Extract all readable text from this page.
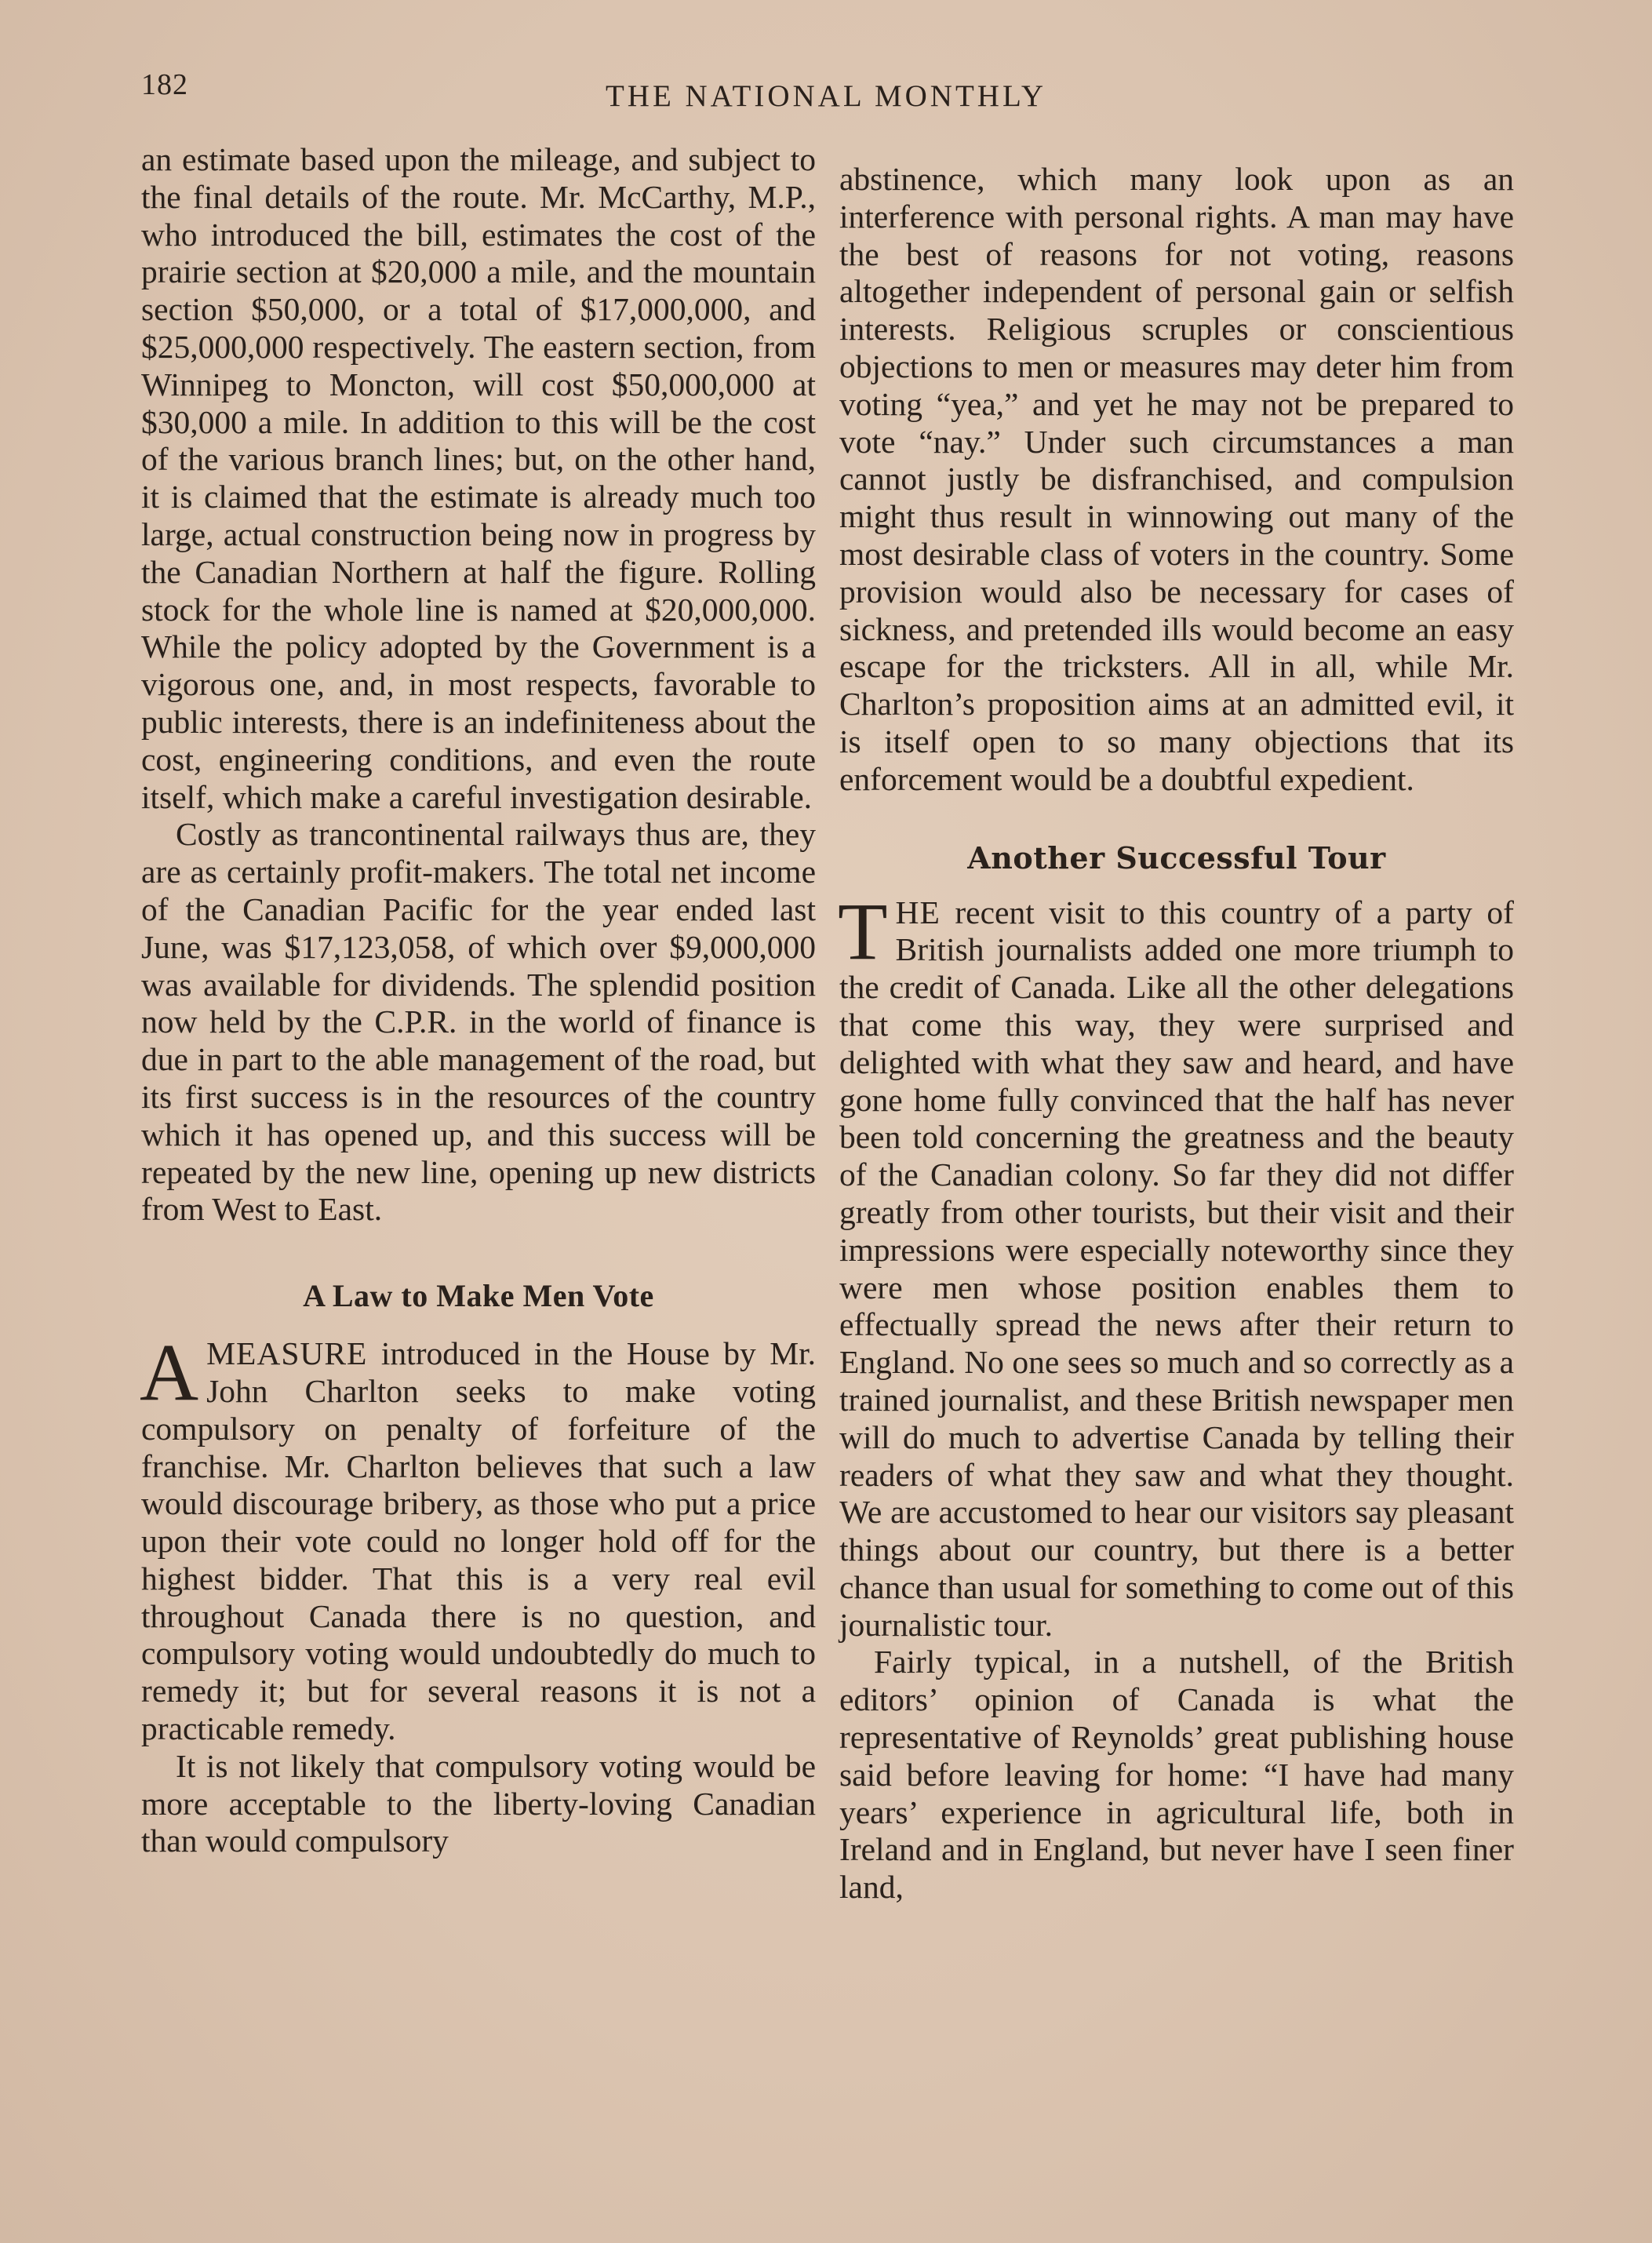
182	THE NATIONAL MONTHLY

an estimate based upon the mileage, and subject to the final details of the route. Mr. McCarthy, M.P., who introduced the bill, estimates the cost of the prairie section at $20,000 a mile, and the mountain section $50,000, or a total of $17,000,000, and $25,000,000 respectively. The eastern section, from Winnipeg to Moncton, will cost $50,000,000 at $30,000 a mile. In addition to this will be the cost of the various branch lines; but, on the other hand, it is claimed that the estimate is already much too large, actual construction being now in progress by the Canadian Northern at half the figure. Rolling stock for the whole line is named at $20,000,000. While the policy adopted by the Government is a vigorous one, and, in most respects, favorable to public interests, there is an indefiniteness about the cost, engineering conditions, and even the route itself, which make a careful investigation desirable.

Costly as trancontinental railways thus are, they are as certainly profit-makers. The total net income of the Canadian Pacific for the year ended last June, was $17,123,058, of which over $9,000,000 was available for dividends. The splendid position now held by the C.P.R. in the world of finance is due in part to the able management of the road, but its first success is in the resources of the country which it has opened up, and this success will be repeated by the new line, opening up new districts from West to East.

A Law to Make Men Vote

AMEASURE introduced in the House by Mr. John Charlton seeks to make voting compulsory on penalty of forfeiture of the franchise. Mr. Charlton believes that such a law would discourage bribery, as those who put a price upon their vote could no longer hold off for the highest bidder. That this is a very real evil throughout Canada there is no question, and compulsory voting would undoubtedly do much to remedy it; but for several reasons it is not a practicable remedy.

It is not likely that compulsory voting would be more acceptable to the liberty-loving Canadian than would compulsory

abstinence, which many look upon as an interference with personal rights. A man may have the best of reasons for not voting, reasons altogether independent of personal gain or selfish interests. Religious scruples or conscientious objections to men or measures may deter him from voting “yea,” and yet he may not be prepared to vote “nay.” Under such circumstances a man cannot justly be disfranchised, and compulsion might thus result in winnowing out many of the most desirable class of voters in the country. Some provision would also be necessary for cases of sickness, and pretended ills would become an easy escape for the tricksters. All in all, while Mr. Charlton’s proposition aims at an admitted evil, it is itself open to so many objections that its enforcement would be a doubtful expedient.

Another Successful Tour

THE recent visit to this country of a party of British journalists added one more triumph to the credit of Canada. Like all the other delegations that come this way, they were surprised and delighted with what they saw and heard, and have gone home fully convinced that the half has never been told concerning the greatness and the beauty of the Canadian colony. So far they did not differ greatly from other tourists, but their visit and their impressions were especially noteworthy since they were men whose position enables them to effectually spread the news after their return to England. No one sees so much and so correctly as a trained journalist, and these British newspaper men will do much to advertise Canada by telling their readers of what they saw and what they thought. We are accustomed to hear our visitors say pleasant things about our country, but there is a better chance than usual for something to come out of this journalistic tour.

Fairly typical, in a nutshell, of the British editors’ opinion of Canada is what the representative of Reynolds’ great publishing house said before leaving for home: “I have had many years’ experience in agricultural life, both in Ireland and in England, but never have I seen finer land,
